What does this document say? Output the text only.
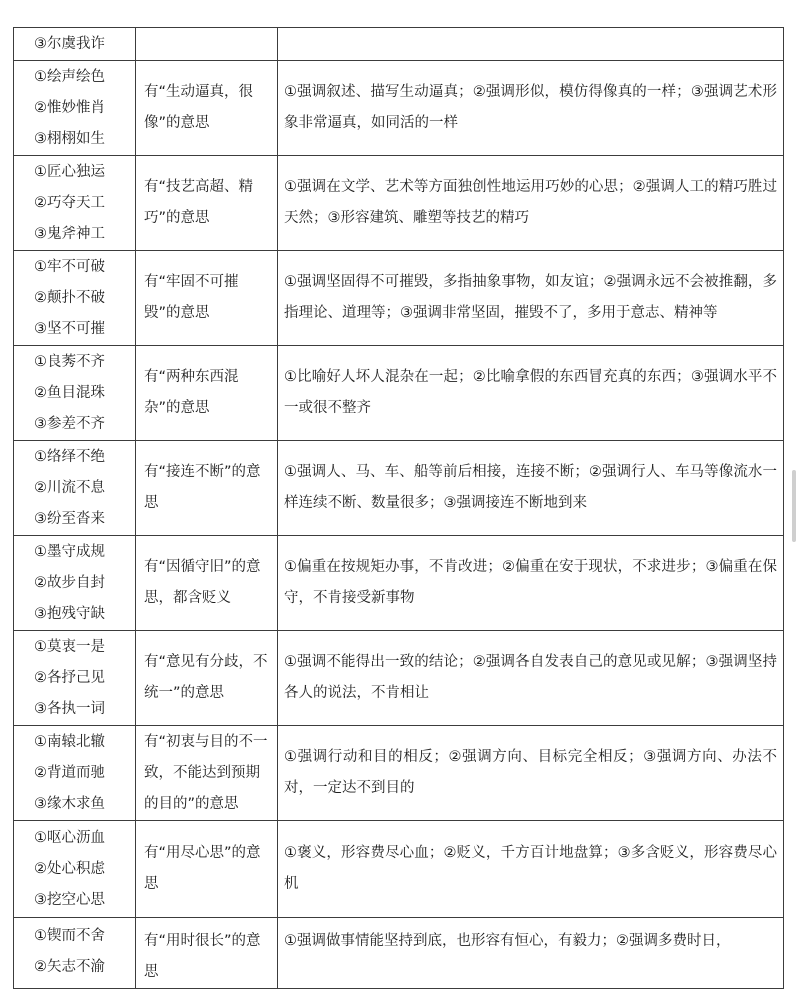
③尔虞我诈		

①绘声绘色
②惟妙惟肖
③栩栩如生	有“生动逼真，很像”的意思	①强调叙述、描写生动逼真；②强调形似，模仿得像真的一样；③强调艺术形象非常逼真，如同活的一样

①匠心独运
②巧夺天工
③鬼斧神工	有“技艺高超、精巧”的意思	①强调在文学、艺术等方面独创性地运用巧妙的心思；②强调人工的精巧胜过天然；③形容建筑、雕塑等技艺的精巧

①牢不可破
②颠扑不破
③坚不可摧	有“牢固不可摧毁”的意思	①强调坚固得不可摧毁，多指抽象事物，如友谊；②强调永远不会被推翻，多指理论、道理等；③强调非常坚固，摧毁不了，多用于意志、精神等

①良莠不齐
②鱼目混珠
③参差不齐	有“两种东西混杂”的意思	①比喻好人坏人混杂在一起；②比喻拿假的东西冒充真的东西；③强调水平不一或很不整齐

①络绎不绝
②川流不息
③纷至沓来	有“接连不断”的意思	①强调人、马、车、船等前后相接，连接不断；②强调行人、车马等像流水一样连续不断、数量很多；③强调接连不断地到来

①墨守成规
②故步自封
③抱残守缺	有“因循守旧”的意思，都含贬义	①偏重在按规矩办事，不肯改进；②偏重在安于现状，不求进步；③偏重在保守，不肯接受新事物

①莫衷一是
②各抒己见
③各执一词	有“意见有分歧，不统一”的意思	①强调不能得出一致的结论；②强调各自发表自己的意见或见解；③强调坚持各人的说法，不肯相让

①南辕北辙
②背道而驰
③缘木求鱼	有“初衷与目的不一致，不能达到预期的目的”的意思	①强调行动和目的相反；②强调方向、目标完全相反；③强调方向、办法不对，一定达不到目的

①呕心沥血
②处心积虑
③挖空心思	有“用尽心思”的意思	①褒义，形容费尽心血；②贬义，千方百计地盘算；③多含贬义，形容费尽心机

①锲而不舍
②矢志不渝	有“用时很长”的意思	①强调做事情能坚持到底，也形容有恒心，有毅力；②强调多费时日，
